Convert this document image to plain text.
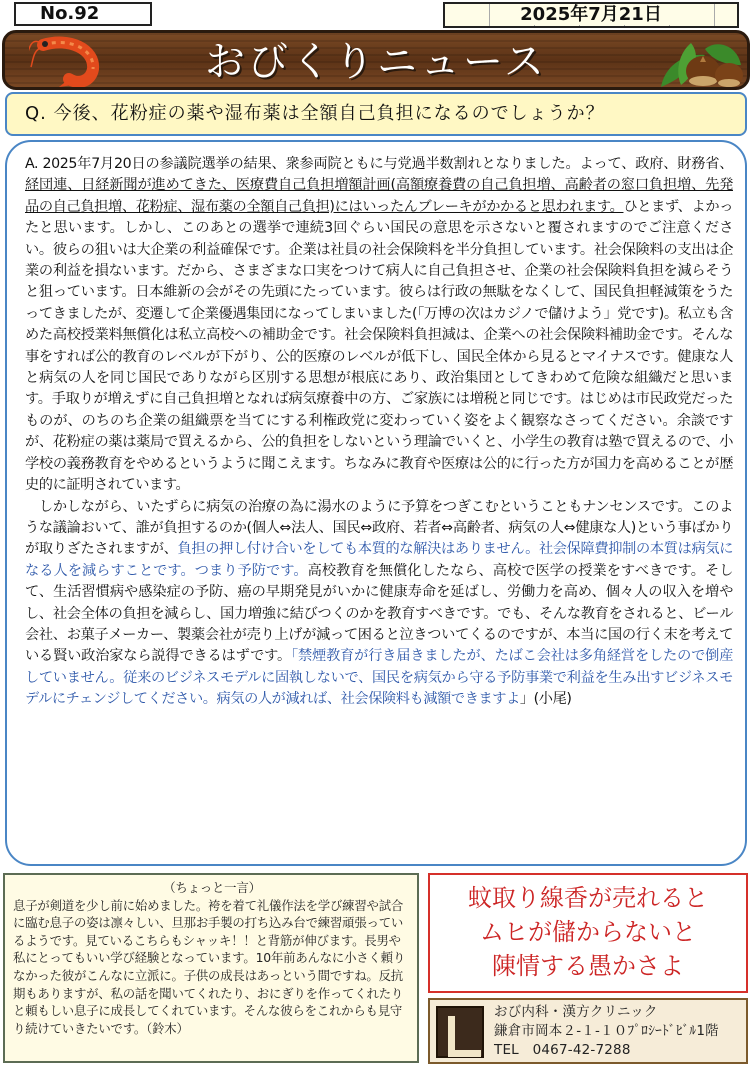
No.92	2025年7月21日
おびくりニュース
Q. 今後、花粉症の薬や湿布薬は全額自己負担になるのでしょうか？

A. 2025年7月20日の参議院選挙の結果、衆参両院ともに与党過半数割れとなりました。よって、政府、財務省、経団連、日経新聞が進めてきた、医療費自己負担増額計画(高額療養費の自己負担増、高齢者の窓口負担増、先発品の自己負担増、花粉症、湿布薬の全額自己負担)にはいったんブレーキがかかると思われます。ひとまず、よかったと思います。しかし、このあとの選挙で連続3回ぐらい国民の意思を示さないと覆されますのでご注意ください。彼らの狙いは大企業の利益確保です。企業は社員の社会保険料を半分負担しています。社会保険料の支出は企業の利益を損ないます。だから、さまざまな口実をつけて病人に自己負担させ、企業の社会保険料負担を減らそうと狙っています。日本維新の会がその先頭にたっています。彼らは行政の無駄をなくして、国民負担軽減策をうたってきましたが、変遷して企業優遇集団になってしまいました(「万博の次はカジノで儲けよう」党です)。私立も含めた高校授業料無償化は私立高校への補助金です。社会保険料負担減は、企業への社会保険料補助金です。そんな事をすれば公的教育のレベルが下がり、公的医療のレベルが低下し、国民全体から見るとマイナスです。健康な人と病気の人を同じ国民でありながら区別する思想が根底にあり、政治集団としてきわめて危険な組織だと思います。手取りが増えずに自己負担増となれば病気療養中の方、ご家族には増税と同じです。はじめは市民政党だったものが、のちのち企業の組織票を当てにする利権政党に変わっていく姿をよく観察なさってください。余談ですが、花粉症の薬は薬局で買えるから、公的負担をしないという理論でいくと、小学生の教育は塾で買えるので、小学校の義務教育をやめるというように聞こえます。ちなみに教育や医療は公的に行った方が国力を高めることが歴史的に証明されています。

　しかしながら、いたずらに病気の治療の為に湯水のように予算をつぎこむということもナンセンスです。このような議論おいて、誰が負担するのか(個人⇔法人、国民⇔政府、若者⇔高齢者、病気の人⇔健康な人)という事ばかりが取りざたされますが、負担の押し付け合いをしても本質的な解決はありません。社会保障費抑制の本質は病気になる人を減らすことです。つまり予防です。高校教育を無償化したなら、高校で医学の授業をすべきです。そして、生活習慣病や感染症の予防、癌の早期発見がいかに健康寿命を延ばし、労働力を高め、個々人の収入を増やし、社会全体の負担を減らし、国力増強に結びつくのかを教育すべきです。でも、そんな教育をされると、ビール会社、お菓子メーカー、製薬会社が売り上げが減って困ると泣きついてくるのですが、本当に国の行く末を考えている賢い政治家なら説得できるはずです。「禁煙教育が行き届きましたが、たばこ会社は多角経営をしたので倒産していません。従来のビジネスモデルに固執しないで、国民を病気から守る予防事業で利益を生み出すビジネスモデルにチェンジしてください。病気の人が減れば、社会保険料も減額できますよ」(小尾)

（ちょっと一言）
息子が剣道を少し前に始めました。袴を着て礼儀作法を学び練習や試合に臨む息子の姿は凛々しい、旦那お手製の打ち込み台で練習頑張っているようです。見ているこちらもシャッキ！！と背筋が伸びます。長男や私にとってもいい学び経験となっています。10年前あんなに小さく頼りなかった彼がこんなに立派に。子供の成長はあっという間ですね。反抗期もありますが、私の話を聞いてくれたり、おにぎりを作ってくれたりと頼もしい息子に成長してくれています。そんな彼らをこれからも見守り続けていきたいです。（鈴木）
蚊取り線香が売れると
ムヒが儲からないと
陳情する愚かさよ
おび内科・漢方クリニック
鎌倉市岡本２-１-１０ﾌﾟﾛｼｰﾄﾞﾋﾞﾙ1階
TEL　0467-42-7288
